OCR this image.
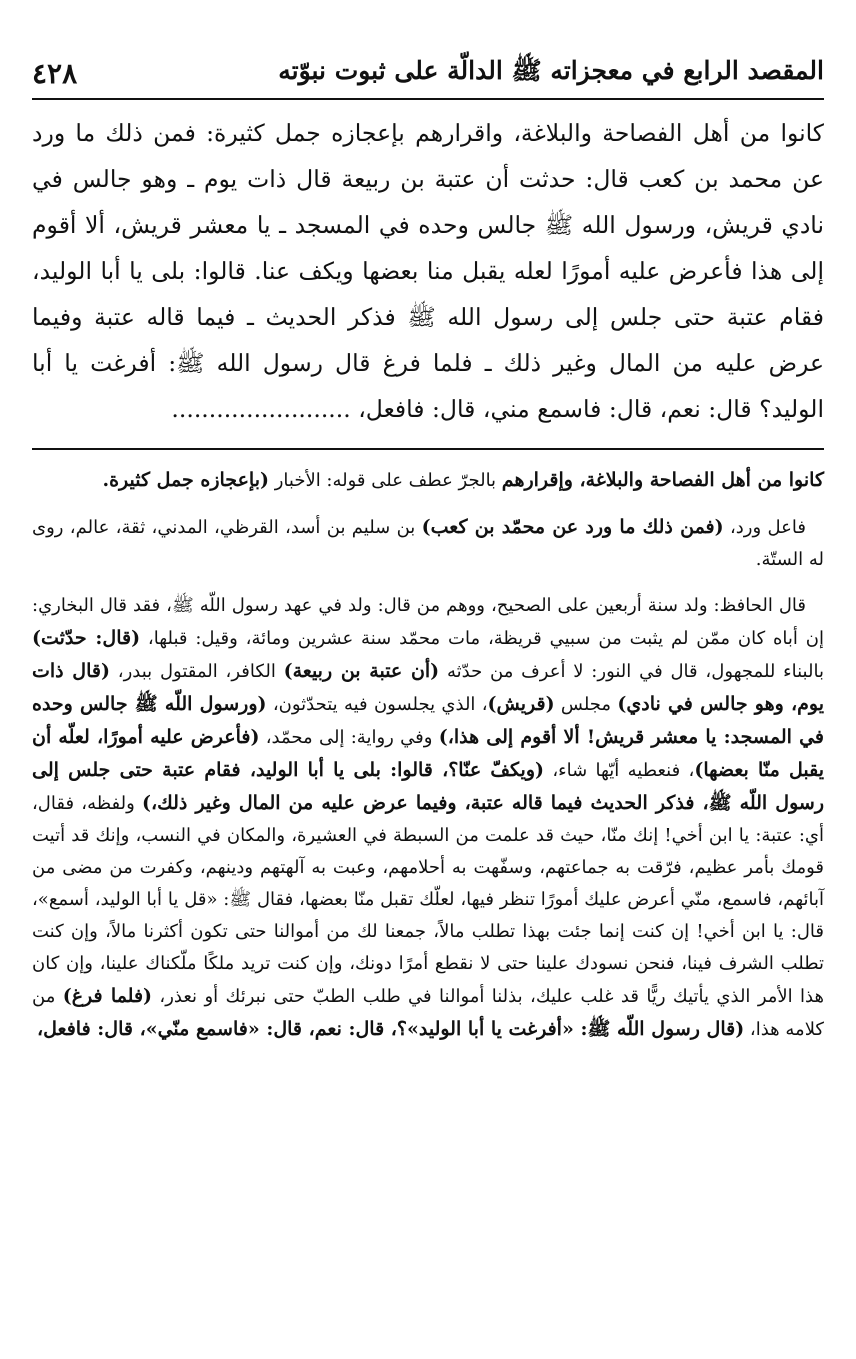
المقصد الرابع في معجزاته ﷺ الدالّة على ثبوت نبوّته
٤٢٨

كانوا من أهل الفصاحة والبلاغة، واقرارهم بإعجازه جمل كثيرة: فمن ذلك ما ورد عن محمد بن كعب قال: حدثت أن عتبة بن ربيعة قال ذات يوم ـ وهو جالس في نادي قريش، ورسول الله ﷺ جالس وحده في المسجد ـ يا معشر قريش، ألا أقوم إلى هذا فأعرض عليه أمورًا لعله يقبل منا بعضها ويكف عنا. قالوا: بلى يا أبا الوليد، فقام عتبة حتى جلس إلى رسول الله ﷺ فذكر الحديث ـ فيما قاله عتبة وفيما عرض عليه من المال وغير ذلك ـ فلما فرغ قال رسول الله ﷺ: أفرغت يا أبا الوليد؟ قال: نعم، قال: فاسمع مني، قال: فافعل، ........................

كانوا من أهل الفصاحة والبلاغة، وإقرارهم بالجرّ عطف على قوله: الأخبار (بإعجازه جمل كثيرة.

فاعل ورد، (فمن ذلك ما ورد عن محمّد بن كعب) بن سليم بن أسد، القرظي، المدني، ثقة، عالم، روى له الستّة.

قال الحافظ: ولد سنة أربعين على الصحيح، ووهم من قال: ولد في عهد رسول اللّه ﷺ، فقد قال البخاري: إن أباه كان ممّن لم يثبت من سبيي قريظة، مات محمّد سنة عشرين ومائة، وقيل: قبلها، (قال: حدّثت) بالبناء للمجهول، قال في النور: لا أعرف من حدّثه (أن عتبة بن ربيعة) الكافر، المقتول ببدر، (قال ذات يوم، وهو جالس في نادي) مجلس (قريش)، الذي يجلسون فيه يتحدّثون، (ورسول اللّه ﷺ جالس وحده في المسجد: يا معشر قريش! ألا أقوم إلى هذا،) وفي رواية: إلى محمّد، (فأعرض عليه أمورًا، لعلّه أن يقبل منّا بعضها)، فنعطيه أيّها شاء، (ويكفّ عنّا؟، قالوا: بلى يا أبا الوليد، فقام عتبة حتى جلس إلى رسول اللّه ﷺ، فذكر الحديث فيما قاله عتبة، وفيما عرض عليه من المال وغير ذلك،) ولفظه، فقال، أي: عتبة: يا ابن أخي! إنك منّا، حيث قد علمت من السبطة في العشيرة، والمكان في النسب، وإنك قد أتيت قومك بأمر عظيم، فرّقت به جماعتهم، وسفّهت به أحلامهم، وعبت به آلهتهم ودينهم، وكفرت من مضى من آبائهم، فاسمع، منّي أعرض عليك أمورًا تنظر فيها، لعلّك تقبل منّا بعضها، فقال ﷺ: «قل يا أبا الوليد، أسمع»، قال: يا ابن أخي! إن كنت إنما جئت بهذا تطلب مالاً، جمعنا لك من أموالنا حتى تكون أكثرنا مالاً، وإن كنت تطلب الشرف فينا، فنحن نسودك علينا حتى لا نقطع أمرًا دونك، وإن كنت تريد ملكًا ملّكناك علينا، وإن كان هذا الأمر الذي يأتيك ريًّا قد غلب عليك، بذلنا أموالنا في طلب الطبّ حتى نبرئك أو نعذر، (فلما فرغ) من كلامه هذا، (قال رسول اللّه ﷺ: «أفرغت يا أبا الوليد»؟، قال: نعم، قال: «فاسمع منّي»، قال: فافعل،
